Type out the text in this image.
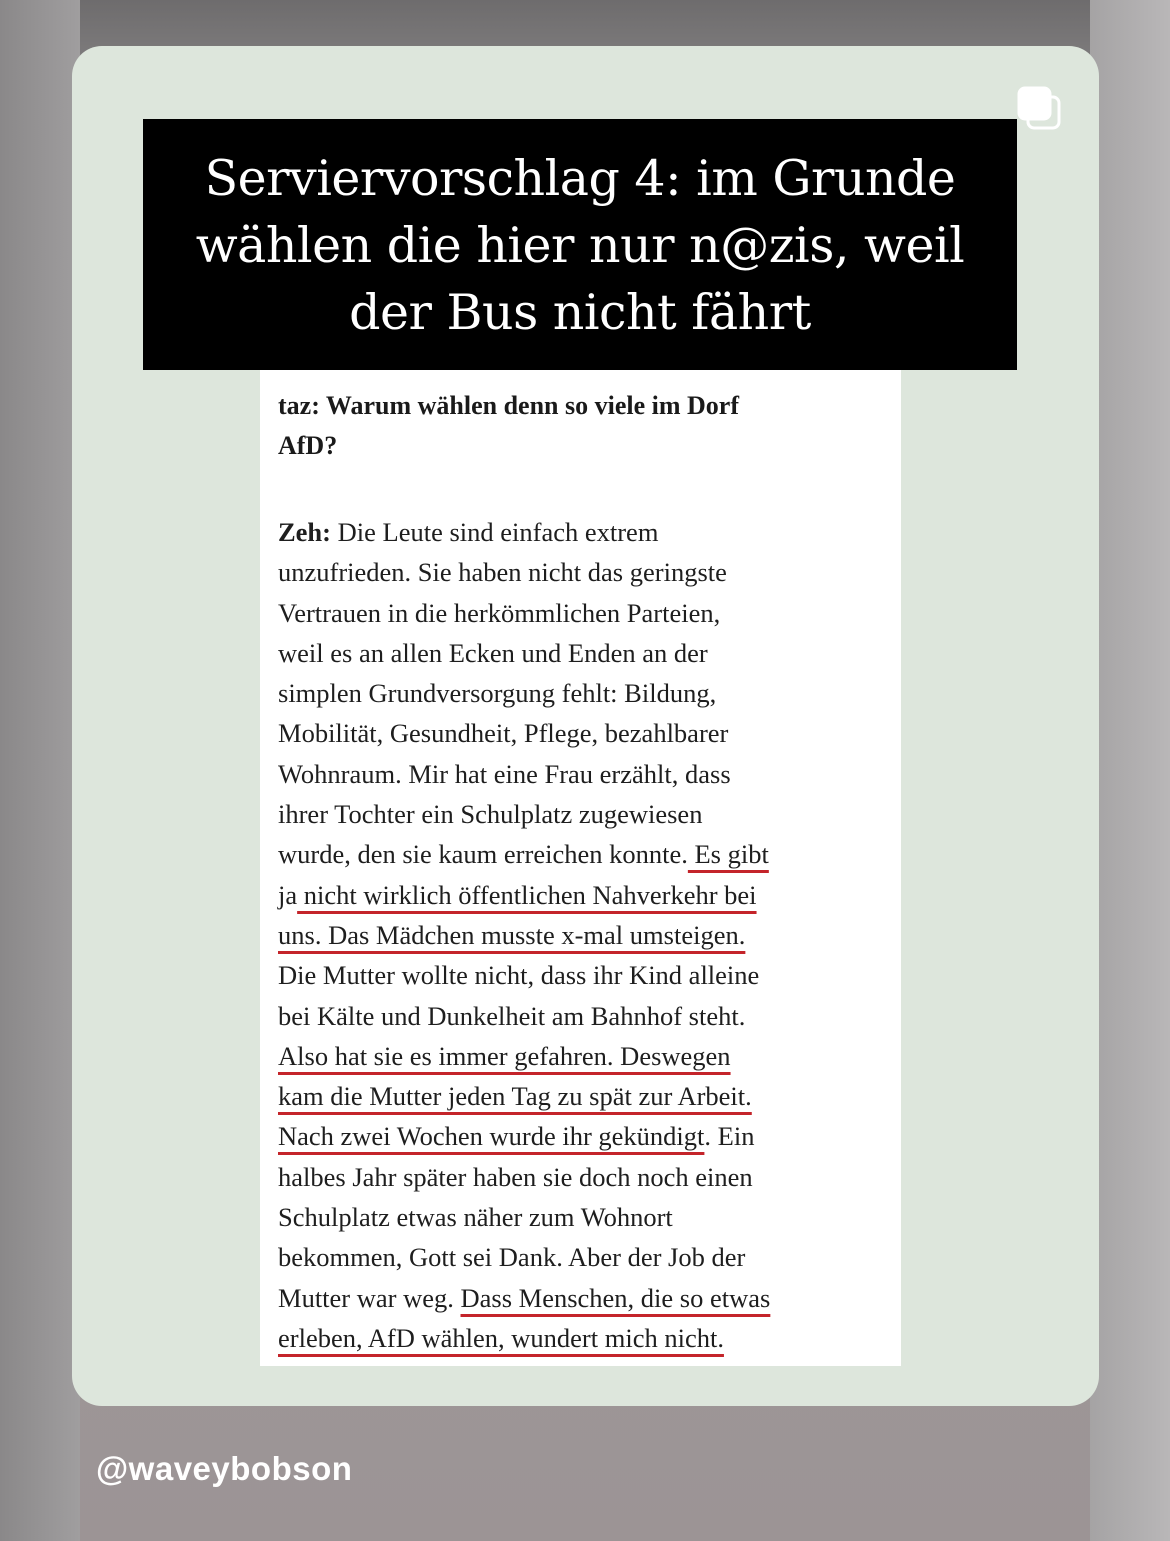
Serviervorschlag 4: im Grunde
wählen die hier nur n@zis, weil
der Bus nicht fährt
taz: Warum wählen denn so viele im Dorf
AfD?
Zeh: Die Leute sind einfach extrem
unzufrieden. Sie haben nicht das geringste
Vertrauen in die herkömmlichen Parteien,
weil es an allen Ecken und Enden an der
simplen Grundversorgung fehlt: Bildung,
Mobilität, Gesundheit, Pflege, bezahlbarer
Wohnraum. Mir hat eine Frau erzählt, dass
ihrer Tochter ein Schulplatz zugewiesen
wurde, den sie kaum erreichen konnte. Es gibt
ja nicht wirklich öffentlichen Nahverkehr bei
uns. Das Mädchen musste x-mal umsteigen.
Die Mutter wollte nicht, dass ihr Kind alleine
bei Kälte und Dunkelheit am Bahnhof steht.
Also hat sie es immer gefahren. Deswegen
kam die Mutter jeden Tag zu spät zur Arbeit.
Nach zwei Wochen wurde ihr gekündigt. Ein
halbes Jahr später haben sie doch noch einen
Schulplatz etwas näher zum Wohnort
bekommen, Gott sei Dank. Aber der Job der
Mutter war weg. Dass Menschen, die so etwas
erleben, AfD wählen, wundert mich nicht.
@waveybobson
